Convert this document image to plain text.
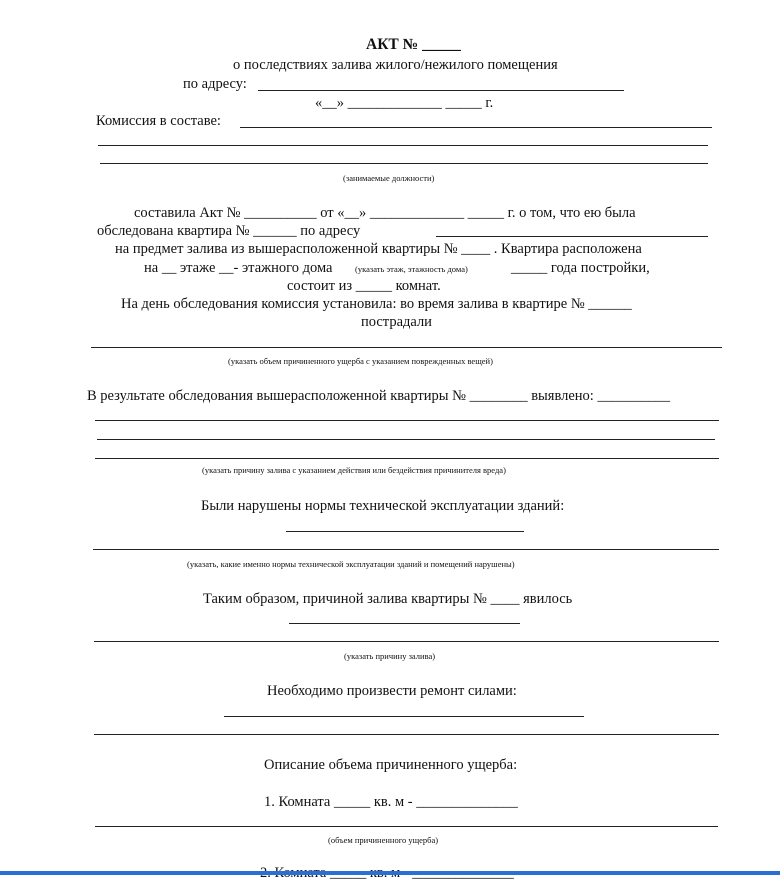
АКТ № _____
о последствиях залива жилого/нежилого помещения
по адресу:
«__» _____________ _____ г.
Комиссия в составе:
(занимаемые должности)
составила Акт № __________ от «__» _____________ _____ г. о том, что ею была
обследована квартира № ______ по адресу
на предмет залива из вышерасположенной квартиры № ____ . Квартира расположена
на __ этаже __- этажного дома	(указать этаж, этажность дома)	_____ года постройки,
состоит из _____ комнат.
На день обследования комиссия установила: во время залива в квартире № ______
пострадали
(указать объем причиненного ущерба с указанием поврежденных вещей)
В результате обследования вышерасположенной квартиры № ________ выявлено: __________
(указать причину залива с указанием действия или бездействия причинителя вреда)
Были нарушены нормы технической эксплуатации зданий:
(указать, какие именно нормы технической эксплуатации зданий и помещений нарушены)
Таким образом, причиной залива квартиры № ____ явилось
(указать причину залива)
Необходимо произвести ремонт силами:
Описание объема причиненного ущерба:
1. Комната _____ кв. м - ______________
(объем причиненного ущерба)
